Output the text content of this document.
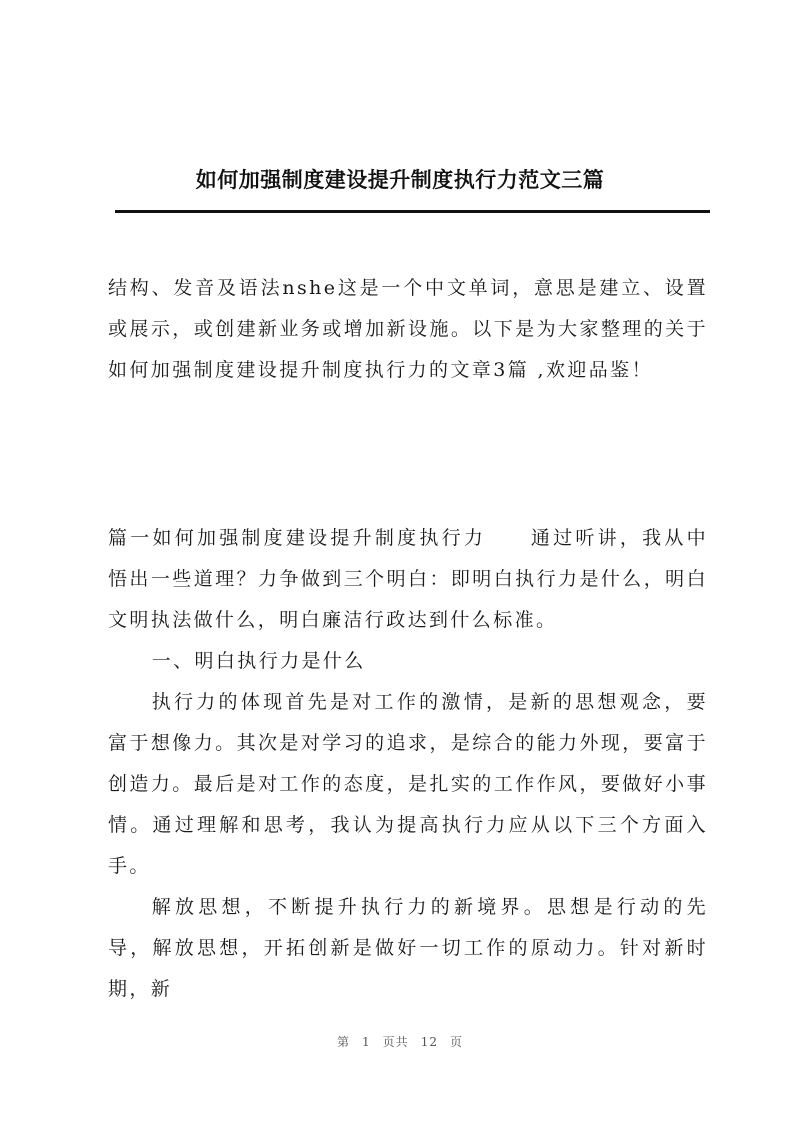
如何加强制度建设提升制度执行力范文三篇

结构、发音及语法nshe这是一个中文单词，意思是建立、设置或展示，或创建新业务或增加新设施。以下是为大家整理的关于如何加强制度建设提升制度执行力的文章3篇 ,欢迎品鉴！

篇一如何加强制度建设提升制度执行力 通过听讲，我从中悟出一些道理？力争做到三个明白：即明白执行力是什么，明白文明执法做什么，明白廉洁行政达到什么标准。

一、明白执行力是什么

执行力的体现首先是对工作的激情，是新的思想观念，要富于想像力。其次是对学习的追求，是综合的能力外现，要富于创造力。最后是对工作的态度，是扎实的工作作风，要做好小事情。通过理解和思考，我认为提高执行力应从以下三个方面入手。

解放思想，不断提升执行力的新境界。思想是行动的先导，解放思想，开拓创新是做好一切工作的原动力。针对新时期，新

第 1 页共 12 页
